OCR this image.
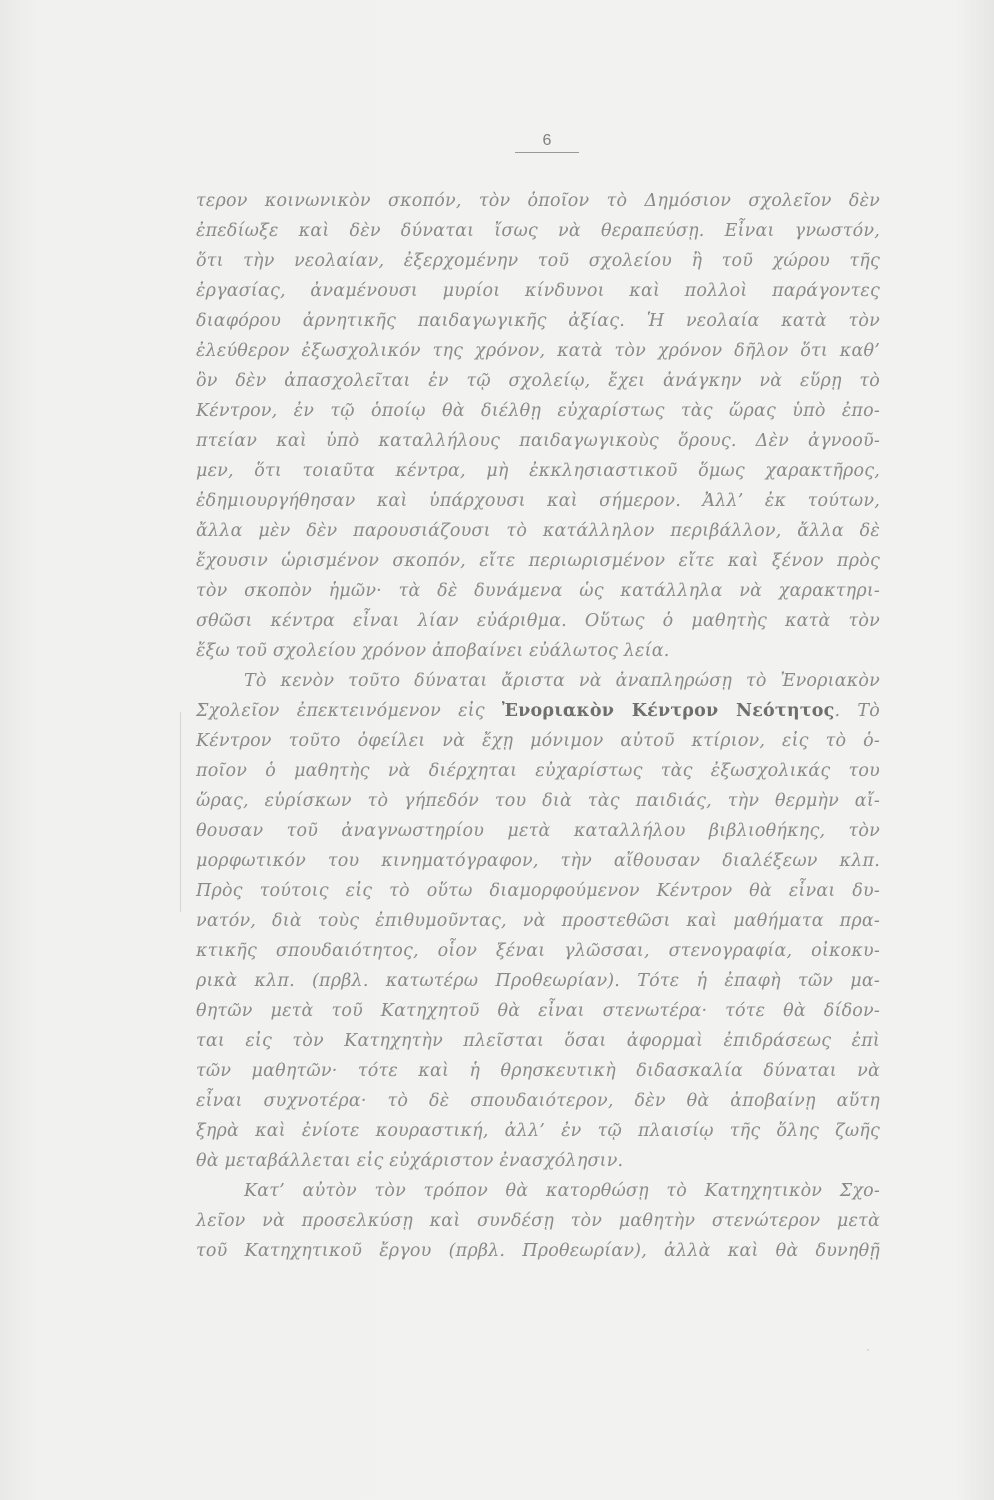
6
τερον κοινωνικὸν σκοπόν, τὸν ὁποῖον τὸ Δημόσιον σχολεῖον δὲν
ἐπεδίωξε καὶ δὲν δύναται ἴσως νὰ θεραπεύσῃ. Εἶναι γνωστόν,
ὅτι τὴν νεολαίαν, ἐξερχομένην τοῦ σχολείου ἢ τοῦ χώρου τῆς
ἐργασίας, ἀναμένουσι μυρίοι κίνδυνοι καὶ πολλοὶ παράγοντες
διαφόρου ἀρνητικῆς παιδαγωγικῆς ἀξίας. Ἡ νεολαία κατὰ τὸν
ἐλεύθερον ἐξωσχολικόν της χρόνον, κατὰ τὸν χρόνον δῆλον ὅτι καθ’
ὃν δὲν ἀπασχολεῖται ἐν τῷ σχολείῳ, ἔχει ἀνάγκην νὰ εὕρῃ τὸ
Κέντρον, ἐν τῷ ὁποίῳ θὰ διέλθῃ εὐχαρίστως τὰς ὥρας ὑπὸ ἐπο-
πτείαν καὶ ὑπὸ καταλλήλους παιδαγωγικοὺς ὅρους. Δὲν ἀγνοοῦ-
μεν, ὅτι τοιαῦτα κέντρα, μὴ ἐκκλησιαστικοῦ ὅμως χαρακτῆρος,
ἐδημιουργήθησαν καὶ ὑπάρχουσι καὶ σήμερον. Ἀλλ’ ἐκ τούτων,
ἄλλα μὲν δὲν παρουσιάζουσι τὸ κατάλληλον περιβάλλον, ἄλλα δὲ
ἔχουσιν ὡρισμένον σκοπόν, εἴτε περιωρισμένον εἴτε καὶ ξένον πρὸς
τὸν σκοπὸν ἡμῶν· τὰ δὲ δυνάμενα ὡς κατάλληλα νὰ χαρακτηρι-
σθῶσι κέντρα εἶναι λίαν εὐάριθμα. Οὕτως ὁ μαθητὴς κατὰ τὸν
ἔξω τοῦ σχολείου χρόνον ἀποβαίνει εὐάλωτος λεία.
Τὸ κενὸν τοῦτο δύναται ἄριστα νὰ ἀναπληρώσῃ τὸ Ἐνοριακὸν
Σχολεῖον ἐπεκτεινόμενον εἰς Ἐνοριακὸν Κέντρον Νεότητος. Τὸ
Κέντρον τοῦτο ὀφείλει νὰ ἔχῃ μόνιμον αὐτοῦ κτίριον, εἰς τὸ ὁ-
ποῖον ὁ μαθητὴς νὰ διέρχηται εὐχαρίστως τὰς ἐξωσχολικάς του
ὥρας, εὑρίσκων τὸ γήπεδόν του διὰ τὰς παιδιάς, τὴν θερμὴν αἴ-
θουσαν τοῦ ἀναγνωστηρίου μετὰ καταλλήλου βιβλιοθήκης, τὸν
μορφωτικόν του κινηματόγραφον, τὴν αἴθουσαν διαλέξεων κλπ.
Πρὸς τούτοις εἰς τὸ οὕτω διαμορφούμενον Κέντρον θὰ εἶναι δυ-
νατόν, διὰ τοὺς ἐπιθυμοῦντας, νὰ προστεθῶσι καὶ μαθήματα πρα-
κτικῆς σπουδαιότητος, οἷον ξέναι γλῶσσαι, στενογραφία, οἰκοκυ-
ρικὰ κλπ. (πρβλ. κατωτέρω Προθεωρίαν). Τότε ἡ ἐπαφὴ τῶν μα-
θητῶν μετὰ τοῦ Κατηχητοῦ θὰ εἶναι στενωτέρα· τότε θὰ δίδον-
ται εἰς τὸν Κατηχητὴν πλεῖσται ὅσαι ἀφορμαὶ ἐπιδράσεως ἐπὶ
τῶν μαθητῶν· τότε καὶ ἡ θρησκευτικὴ διδασκαλία δύναται νὰ
εἶναι συχνοτέρα· τὸ δὲ σπουδαιότερον, δὲν θὰ ἀποβαίνῃ αὕτη
ξηρὰ καὶ ἐνίοτε κουραστική, ἀλλ’ ἐν τῷ πλαισίῳ τῆς ὅλης ζωῆς
θὰ μεταβάλλεται εἰς εὐχάριστον ἐνασχόλησιν.
Κατ’ αὐτὸν τὸν τρόπον θὰ κατορθώσῃ τὸ Κατηχητικὸν Σχο-
λεῖον νὰ προσελκύσῃ καὶ συνδέσῃ τὸν μαθητὴν στενώτερον μετὰ
τοῦ Κατηχητικοῦ ἔργου (πρβλ. Προθεωρίαν), ἀλλὰ καὶ θὰ δυνηθῇ
·
